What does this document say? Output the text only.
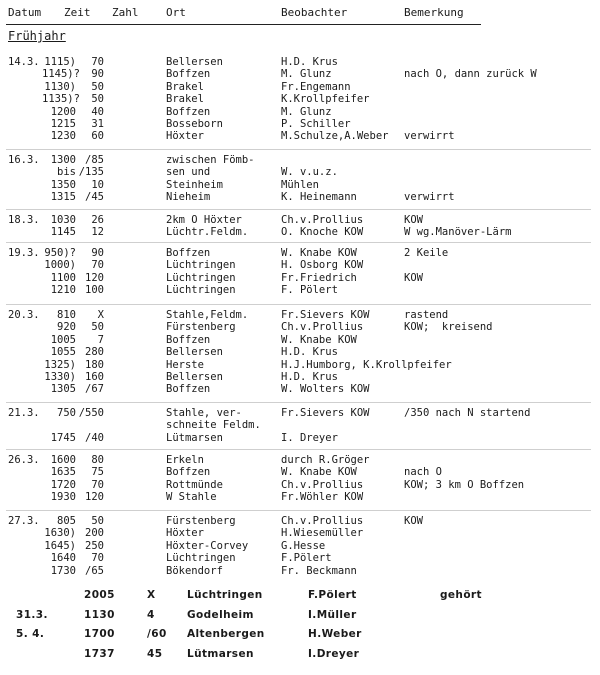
Datum Zeit Zahl	Ort	Beobachter	Bemerkung
Frühjahr
14.3. 1115)	70	Bellersen	H.D. Krus
1145)?	90	Boffzen	M. Glunz	nach O, dann zurück W
1130)	50	Brakel	Fr.Engemann
1135)?	50	Brakel	K.Krollpfeifer
1200	40	Boffzen	M. Glunz
1215	31	Bosseborn	P. Schiller
1230	60	Höxter	M.Schulze,A.Weber	verwirrt
16.3.	1300 /85	zwischen Fömb-
bis /135	sen und	W. v.u.z.
1350	10	Steinheim	Mühlen
1315 /45	Nieheim	K. Heinemann	verwirrt
18.3.	1030	26	2km O Höxter	Ch.v.Prollius	KOW
1145	12	Lüchtr.Feldm.	O. Knoche KOW	W wg.Manöver-Lärm
19.3. 950)?	90	Boffzen	W. Knabe KOW	2 Keile
1000)	70	Lüchtringen	H. Osborg KOW
1100 120	Lüchtringen	Fr.Friedrich	KOW
1210 100	Lüchtringen	F. Pölert
20.3.	810	X	Stahle,Feldm.	Fr.Sievers KOW	rastend
920	50	Fürstenberg	Ch.v.Prollius	KOW;  kreisend
1005	7	Boffzen	W. Knabe KOW
1055 280	Bellersen	H.D. Krus
1325) 180	Herste	H.J.Humborg, K.Krollpfeifer
1330) 160	Bellersen	H.D. Krus
1305 /67	Boffzen	W. Wolters KOW
21.3.	750 /550	Stahle, ver-	Fr.Sievers KOW	/350 nach N startend
schneite Feldm.
1745 /40	Lütmarsen	I. Dreyer
26.3.	1600	80	Erkeln	durch R.Gröger
1635	75	Boffzen	W. Knabe KOW	nach O
1720	70	Rottmünde	Ch.v.Prollius	KOW; 3 km O Boffzen
1930 120	W Stahle	Fr.Wöhler KOW
27.3.	805	50	Fürstenberg	Ch.v.Prollius	KOW
1630) 200	Höxter	H.Wiesemüller
1645) 250	Höxter-Corvey	G.Hesse
1640	70	Lüchtringen	F.Pölert
1730 /65	Bökendorf	Fr. Beckmann
2005	X	Lüchtringen	F.Pölert	gehört
31.3.	1130	4	Godelheim	I.Müller
5. 4.	1700	/60 Altenbergen	H.Weber
1737	45 Lütmarsen	I.Dreyer
